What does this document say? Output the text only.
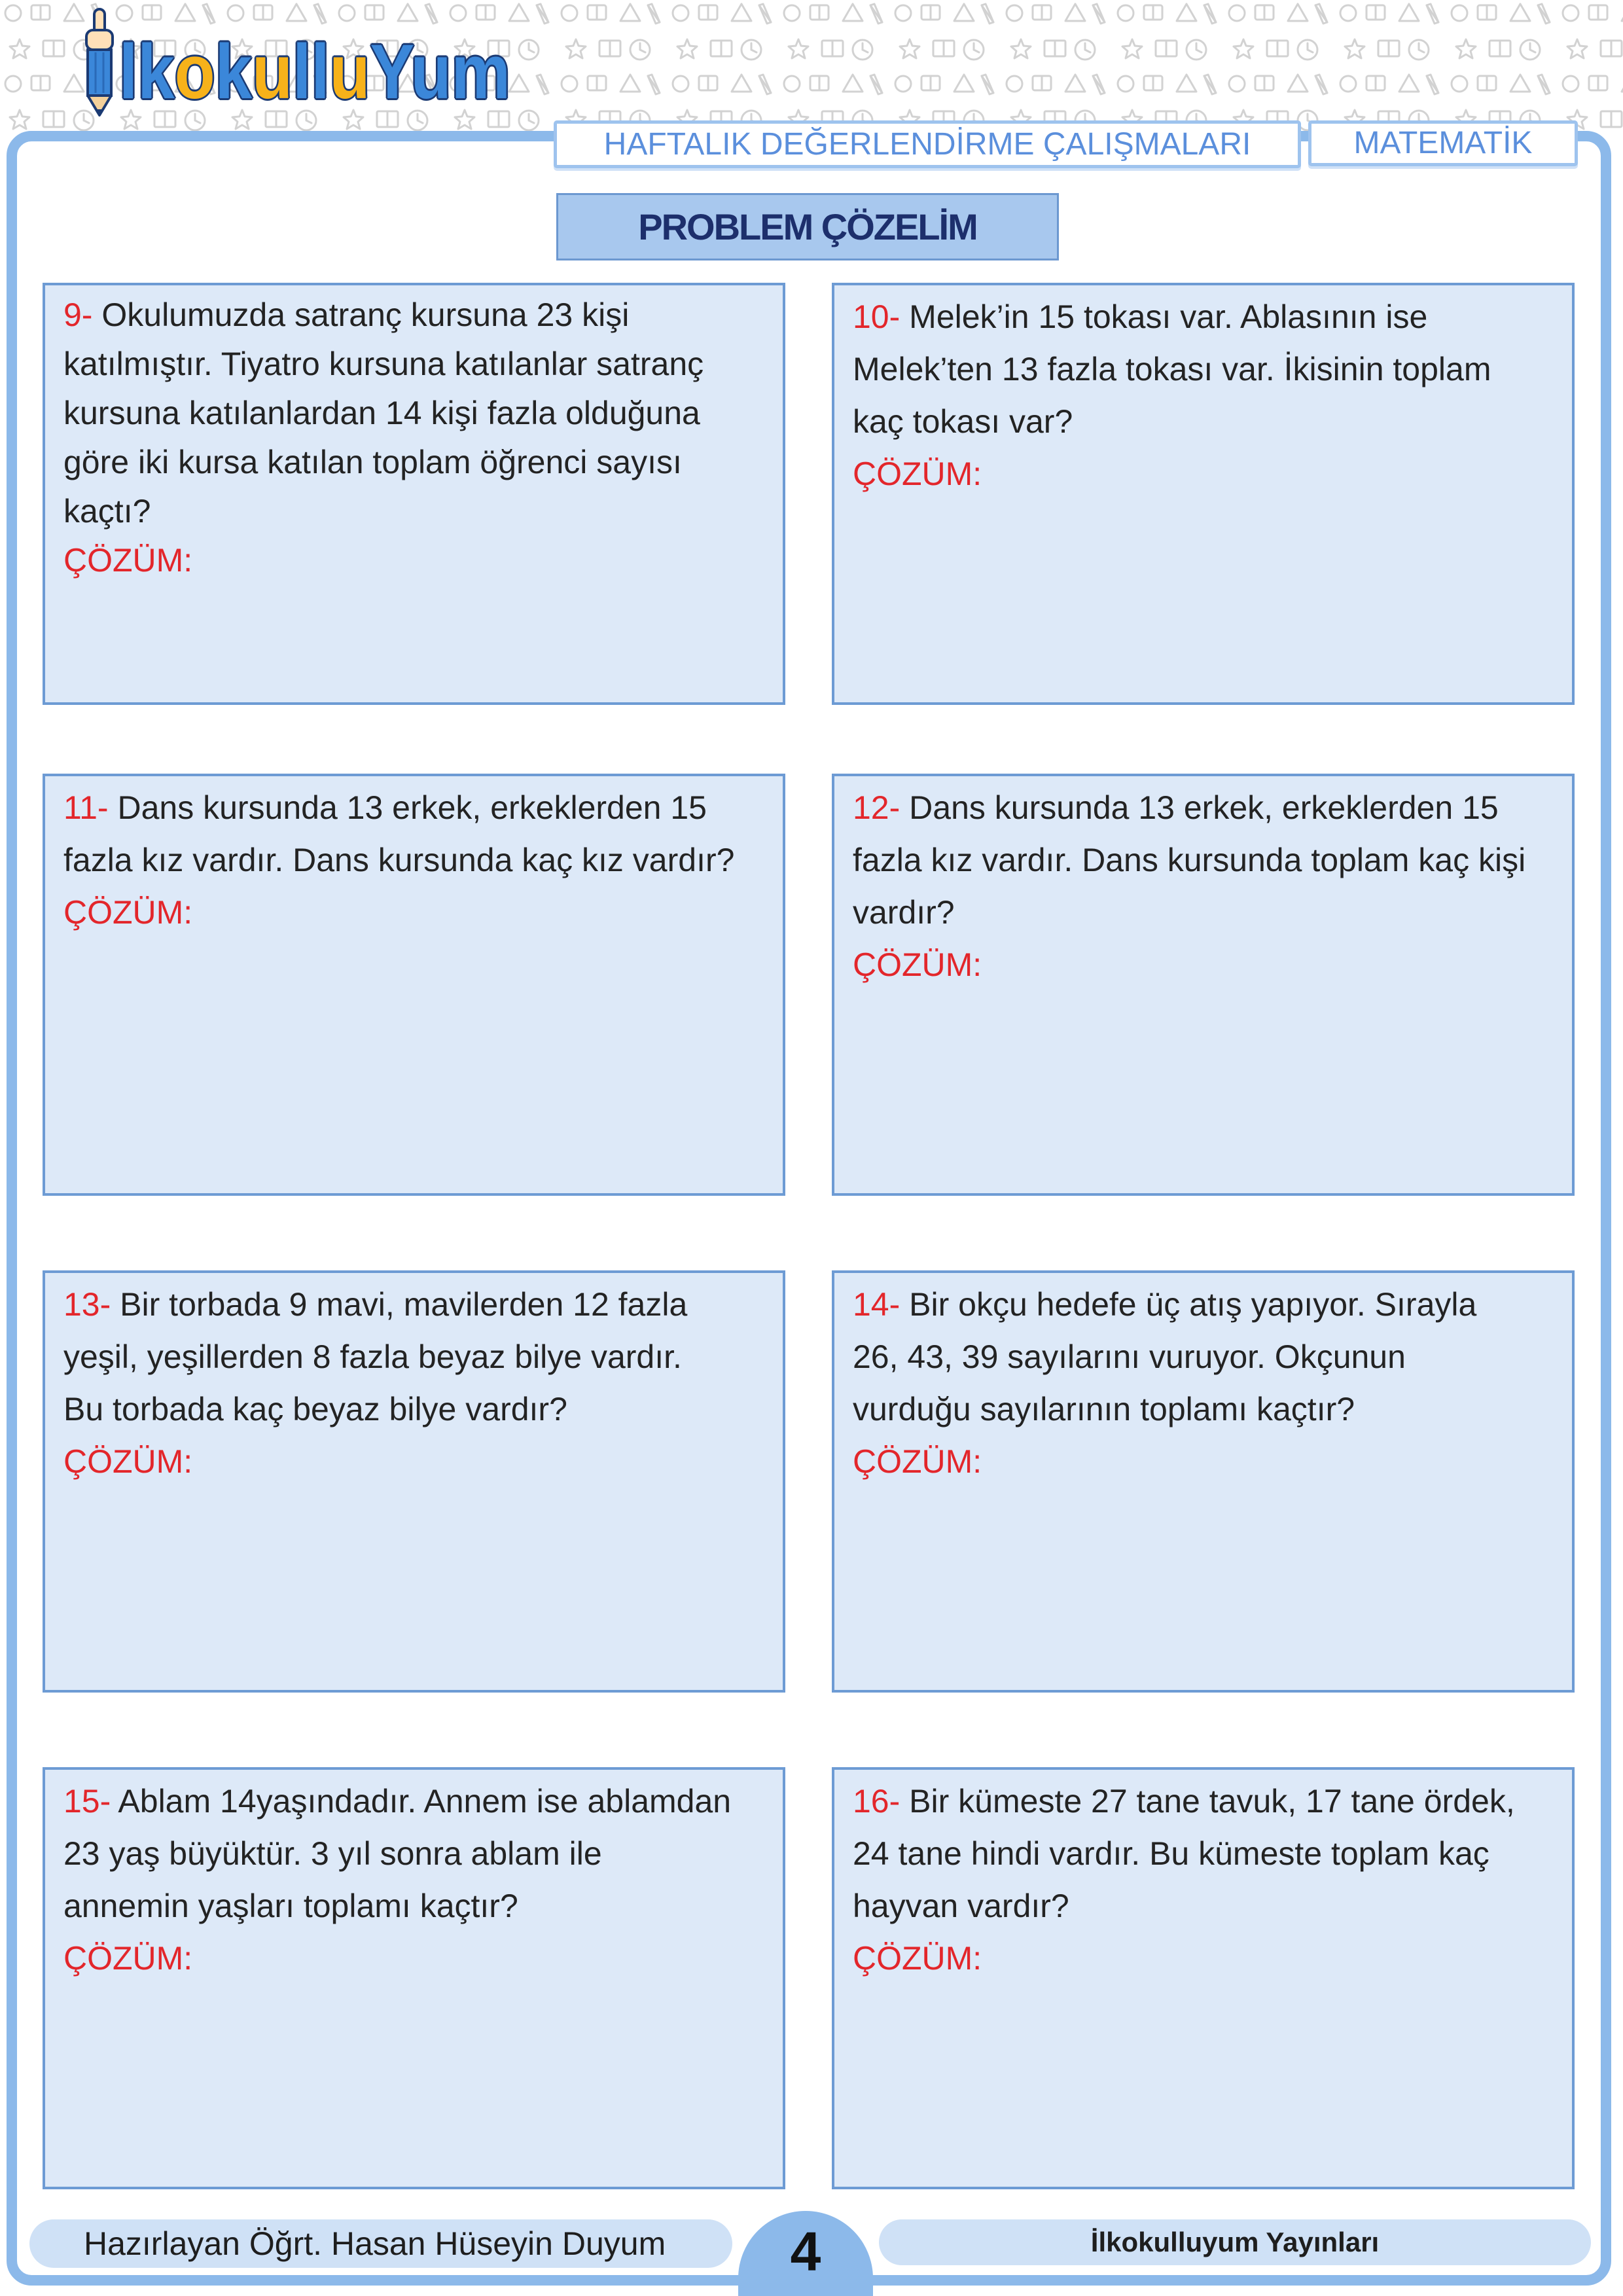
lkokulluYum
HAFTALIK DEĞERLENDİRME ÇALIŞMALARI	MATEMATİK
PROBLEM ÇÖZELİM
9- Okulumuzda satranç kursuna 23 kişi
katılmıştır. Tiyatro kursuna katılanlar satranç
kursuna katılanlardan 14 kişi fazla olduğuna
göre iki kursa katılan toplam öğrenci sayısı
kaçtı?
ÇÖZÜM:
10- Melek’in 15 tokası var. Ablasının ise
Melek’ten 13 fazla tokası var. İkisinin toplam
kaç tokası var?
ÇÖZÜM:
11- Dans kursunda 13 erkek, erkeklerden 15
fazla kız vardır. Dans kursunda kaç kız vardır?
ÇÖZÜM:
12- Dans kursunda 13 erkek, erkeklerden 15
fazla kız vardır. Dans kursunda toplam kaç kişi
vardır?
ÇÖZÜM:
13- Bir torbada 9 mavi, mavilerden 12 fazla
yeşil, yeşillerden 8 fazla beyaz bilye vardır.
Bu torbada kaç beyaz bilye vardır?
ÇÖZÜM:
14- Bir okçu hedefe üç atış yapıyor. Sırayla
26, 43, 39 sayılarını vuruyor. Okçunun
vurduğu sayılarının toplamı kaçtır?
ÇÖZÜM:
15- Ablam 14yaşındadır. Annem ise ablamdan
23 yaş büyüktür. 3 yıl sonra ablam ile
annemin yaşları toplamı kaçtır?
ÇÖZÜM:
16- Bir kümeste 27 tane tavuk, 17 tane ördek,
24 tane hindi vardır. Bu kümeste toplam kaç
hayvan vardır?
ÇÖZÜM:
Hazırlayan Öğrt. Hasan Hüseyin Duyum	4	İlkokulluyum Yayınları
